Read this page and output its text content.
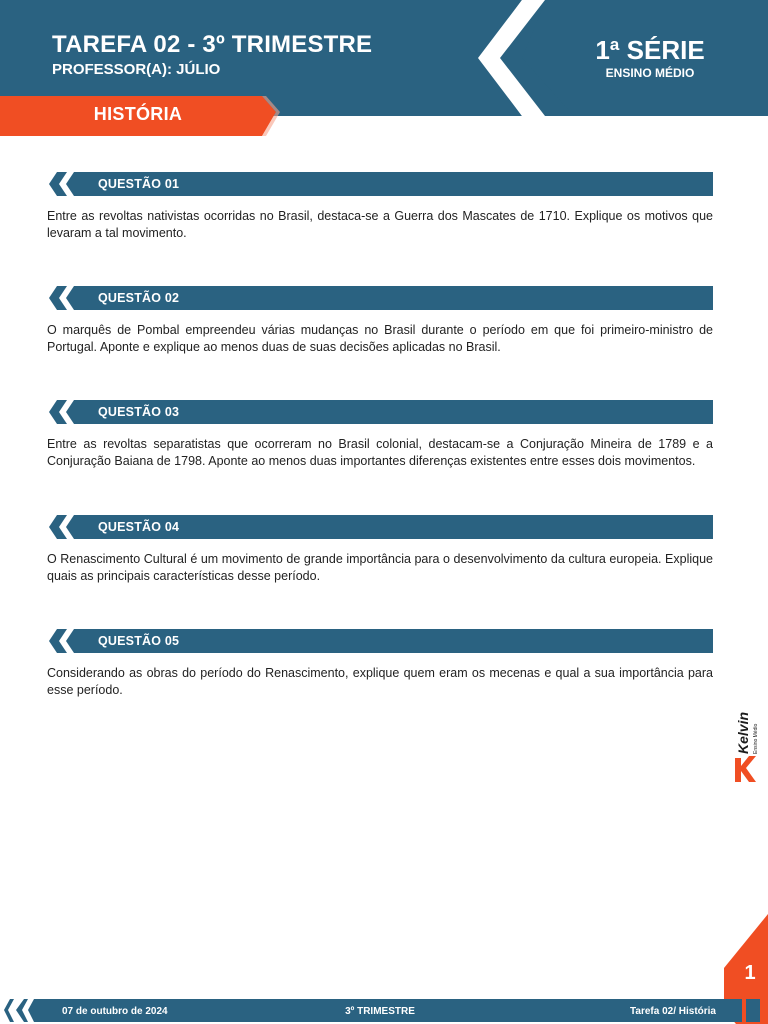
TAREFA 02 - 3º TRIMESTRE
PROFESSOR(A): JÚLIO
1ª SÉRIE
ENSINO MÉDIO
HISTÓRIA
QUESTÃO 01
Entre as revoltas nativistas ocorridas no Brasil, destaca-se a Guerra dos Mascates de 1710. Explique os motivos que levaram a tal movimento.
QUESTÃO 02
O marquês de Pombal empreendeu várias mudanças no Brasil durante o período em que foi primeiro-ministro de Portugal. Aponte e explique ao menos duas de suas decisões aplicadas no Brasil.
QUESTÃO 03
Entre as revoltas separatistas que ocorreram no Brasil colonial, destacam-se a Conjuração Mineira de 1789 e a Conjuração Baiana de 1798. Aponte ao menos duas importantes diferenças existentes entre esses dois movimentos.
QUESTÃO 04
O Renascimento Cultural é um movimento de grande importância para o desenvolvimento da cultura europeia. Explique quais as principais características desse período.
QUESTÃO 05
Considerando as obras do período do Renascimento, explique quem eram os mecenas e qual a sua importância para esse período.
Kelvin Ensino Médio
1
07 de outubro de 2024	3º TRIMESTRE	Tarefa 02/ História
